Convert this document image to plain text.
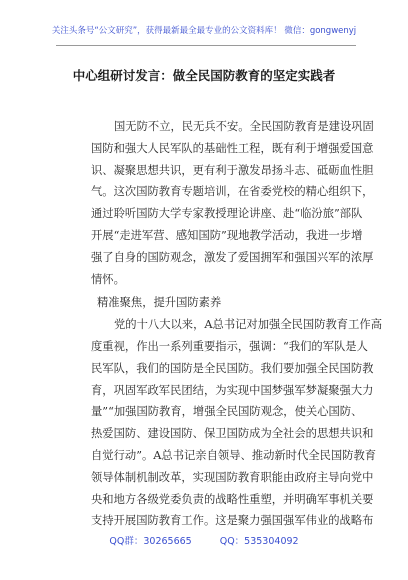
关注头条号“公文研究”，获得最新最全最专业的公文资料库！ 微信：gongwenyj
中心组研讨发言：做全民国防教育的坚定实践者
国无防不立，民无兵不安。全民国防教育是建设巩固
国防和强大人民军队的基础性工程，既有利于增强爱国意
识、凝聚思想共识，更有利于激发昂扬斗志、砥砺血性胆
气。这次国防教育专题培训，在省委党校的精心组织下，
通过聆听国防大学专家教授理论讲座、赴“临汾旅”部队
开展“走进军营、感知国防”现地教学活动，我进一步增
强了自身的国防观念，激发了爱国拥军和强国兴军的浓厚
情怀。
精准聚焦，提升国防素养
党的十八大以来，A总书记对加强全民国防教育工作高
度重视，作出一系列重要指示，强调：“我们的军队是人
民军队，我们的国防是全民国防。我们要加强全民国防教
育，巩固军政军民团结，为实现中国梦强军梦凝聚强大力
量”“加强国防教育，增强全民国防观念，使关心国防、
热爱国防、建设国防、保卫国防成为全社会的思想共识和
自觉行动”。A总书记亲自领导、推动新时代全民国防教育
领导体制机制改革，实现国防教育职能由政府主导向党中
央和地方各级党委负责的战略性重塑，并明确军事机关要
支持开展国防教育工作。这是聚力强国强军伟业的战略布
QQ群：30265665	QQ：535304092
